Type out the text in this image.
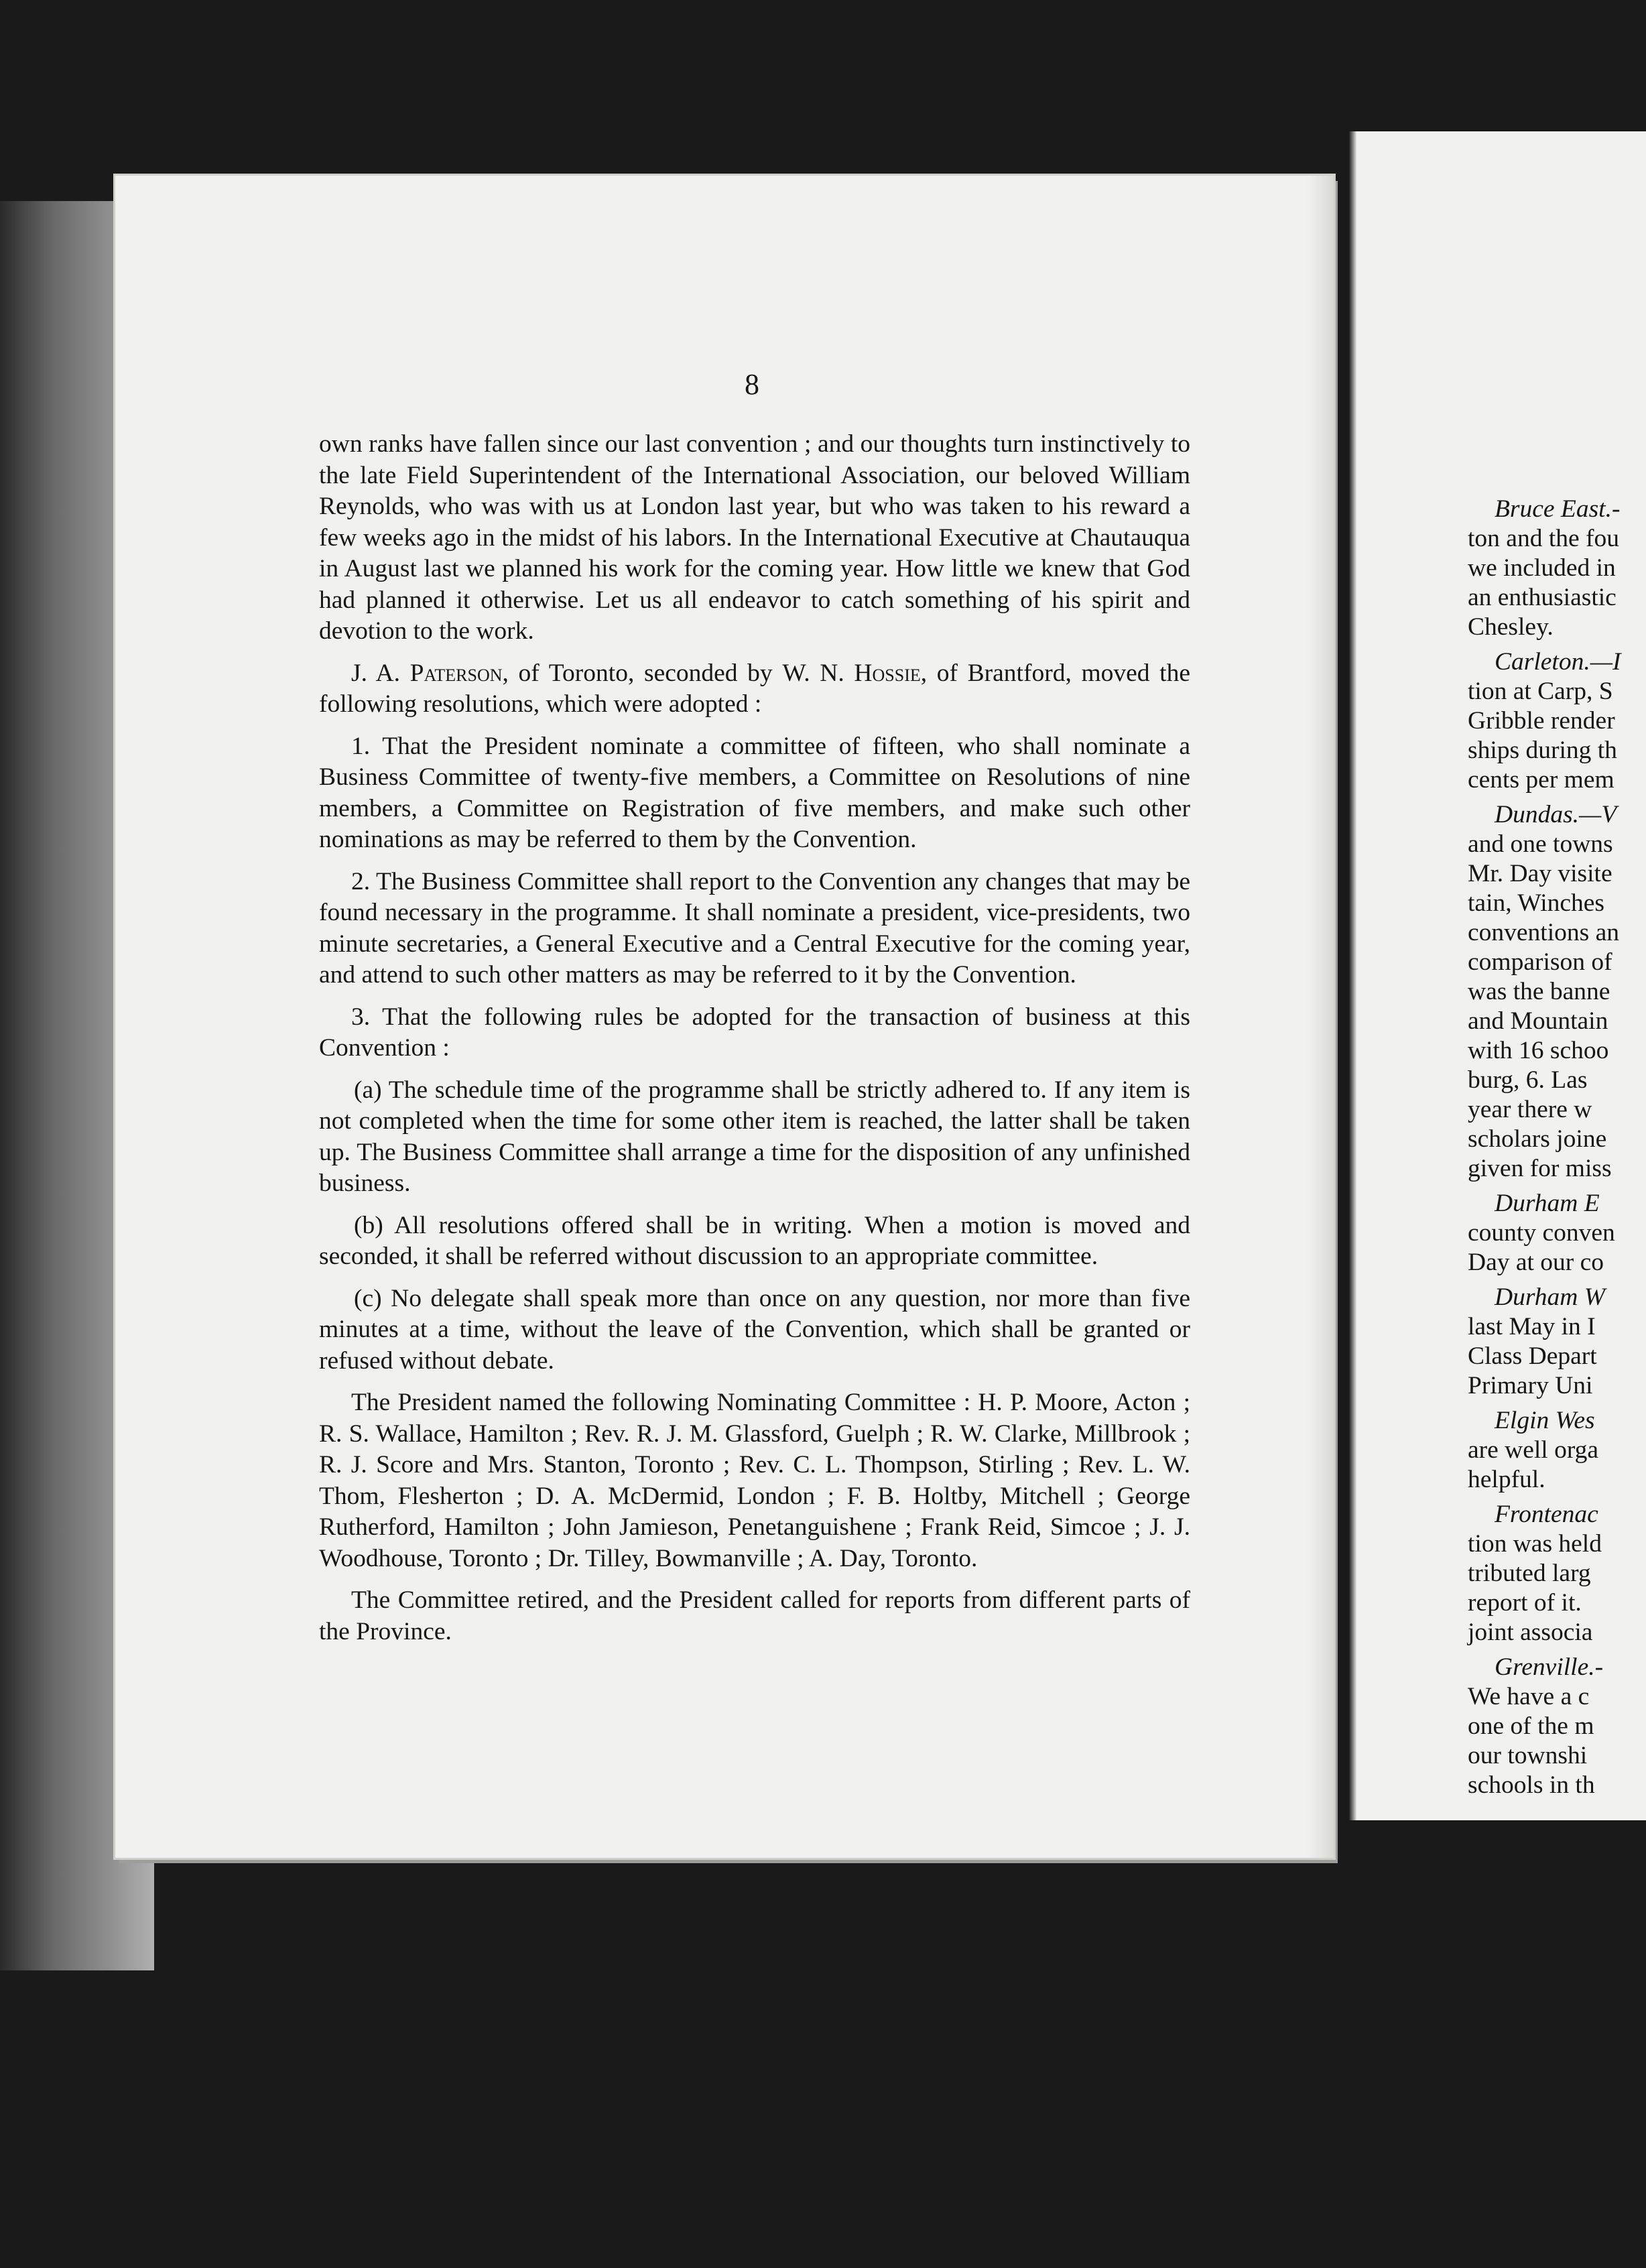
8

own ranks have fallen since our last convention ; and our thoughts turn instinctively to the late Field Superintendent of the International Association, our beloved William Reynolds, who was with us at London last year, but who was taken to his reward a few weeks ago in the midst of his labors. In the International Executive at Chautauqua in August last we planned his work for the coming year. How little we knew that God had planned it otherwise. Let us all endeavor to catch something of his spirit and devotion to the work.

J. A. Paterson, of Toronto, seconded by W. N. Hossie, of Brantford, moved the following resolutions, which were adopted :

1. That the President nominate a committee of fifteen, who shall nominate a Business Committee of twenty-five members, a Committee on Resolutions of nine members, a Committee on Registration of five members, and make such other nominations as may be referred to them by the Convention.

2. The Business Committee shall report to the Convention any changes that may be found necessary in the programme. It shall nominate a president, vice-presidents, two minute secretaries, a General Executive and a Central Executive for the coming year, and attend to such other matters as may be referred to it by the Convention.

3. That the following rules be adopted for the transaction of business at this Convention :

(a) The schedule time of the programme shall be strictly adhered to. If any item is not completed when the time for some other item is reached, the latter shall be taken up. The Business Committee shall arrange a time for the disposition of any unfinished business.

(b) All resolutions offered shall be in writing. When a motion is moved and seconded, it shall be referred without discussion to an appropriate committee.

(c) No delegate shall speak more than once on any question, nor more than five minutes at a time, without the leave of the Convention, which shall be granted or refused without debate.

The President named the following Nominating Committee : H. P. Moore, Acton ; R. S. Wallace, Hamilton ; Rev. R. J. M. Glassford, Guelph ; R. W. Clarke, Millbrook ; R. J. Score and Mrs. Stanton, Toronto ; Rev. C. L. Thompson, Stirling ; Rev. L. W. Thom, Flesherton ; D. A. McDermid, London ; F. B. Holtby, Mitchell ; George Rutherford, Hamilton ; John Jamieson, Penetanguishene ; Frank Reid, Simcoe ; J. J. Woodhouse, Toronto ; Dr. Tilley, Bowmanville ; A. Day, Toronto.

The Committee retired, and the President called for reports from different parts of the Province.

Bruce East.-
ton and the fou
we included in
an enthusiastic
Chesley.
Carleton.—I
tion at Carp, S
Gribble render
ships during th
cents per mem
Dundas.—V
and one towns
Mr. Day visite
tain, Winches
conventions an
comparison of
was the banne
and Mountain
with 16 schoo
burg, 6. Las
year there w
scholars joine
given for miss
Durham E
county conven
Day at our co
Durham W
last May in I
Class Depart
Primary Uni
Elgin Wes
are well orga
helpful.
Frontenac
tion was held
tributed larg
report of it.
joint associa
Grenville.-
We have a c
one of the m
our townshi
schools in th
